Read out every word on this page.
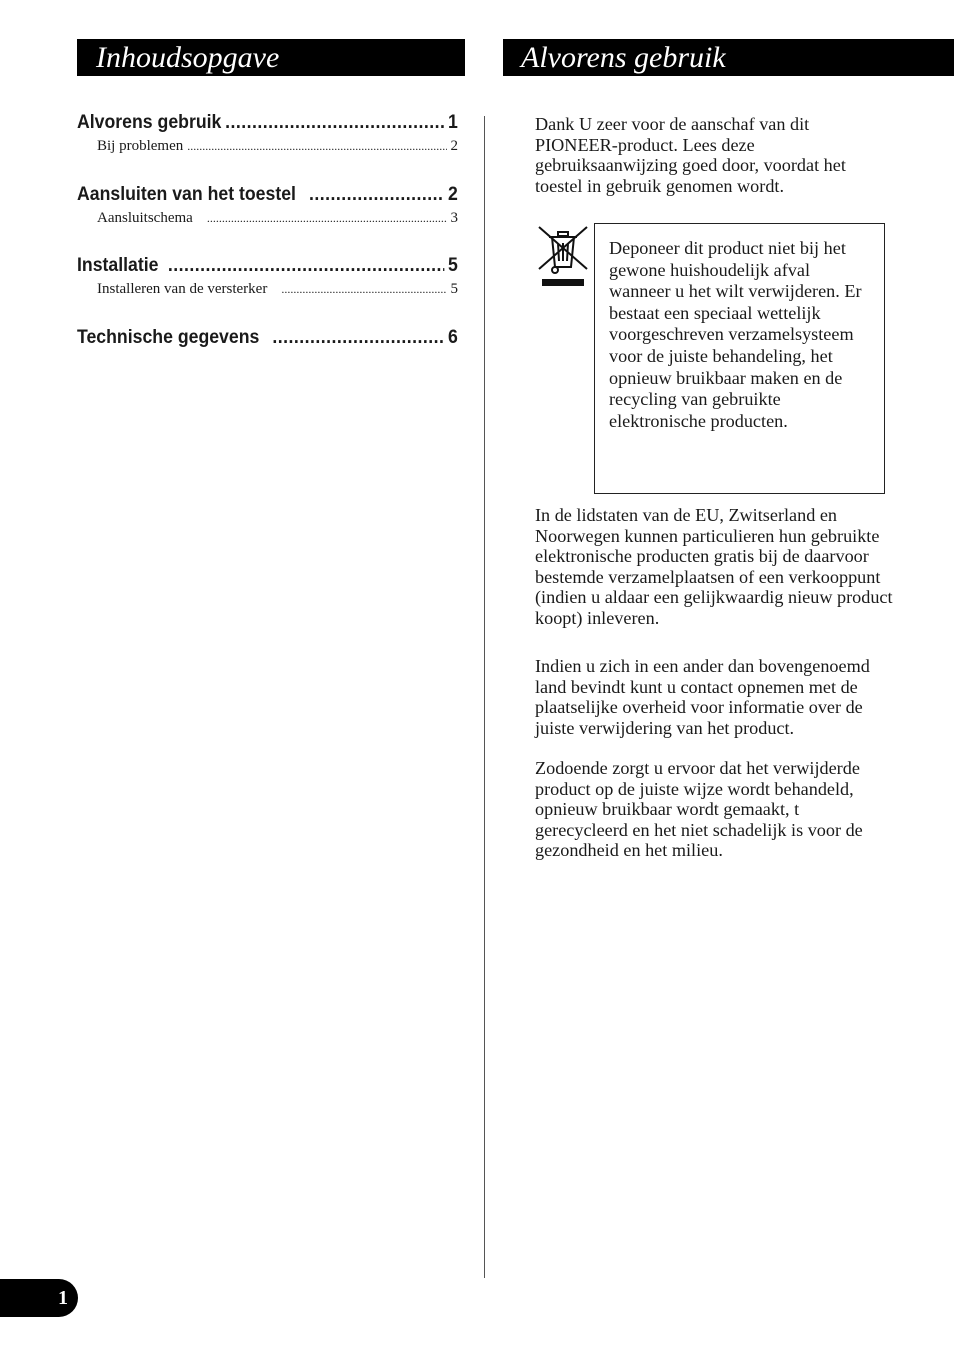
Inhoudsopgave	Alvorens gebruik
Alvorens gebruik .....	1
Bij problemen .....	2
Aansluiten van het toestel .....	2
Aansluitschema .....	3
Installatie .....	5
Installeren van de versterker .....	5
Technische gegevens .....	6

Dank U zeer voor de aanschaf van dit PIONEER-product. Lees deze gebruiksaanwijzing goed door, voordat het toestel in gebruik genomen wordt.

Deponeer dit product niet bij het gewone huishoudelijk afval wanneer u het wilt verwijderen. Er bestaat een speciaal wettelijk voorgeschreven verzamelsysteem voor de juiste behandeling, het opnieuw bruikbaar maken en de recycling van gebruikte elektronische producten.

In de lidstaten van de EU, Zwitserland en Noorwegen kunnen particulieren hun gebruikte elektronische producten gratis bij de daarvoor bestemde verzamelplaatsen of een verkooppunt (indien u aldaar een gelijkwaardig nieuw product koopt) inleveren.

Indien u zich in een ander dan bovengenoemd land bevindt kunt u contact opnemen met de plaatselijke overheid voor informatie over de juiste verwijdering van het product.

Zodoende zorgt u ervoor dat het verwijderde product op de juiste wijze wordt behandeld, opnieuw bruikbaar wordt gemaakt, t gerecycleerd en het niet schadelijk is voor de gezondheid en het milieu.

1
